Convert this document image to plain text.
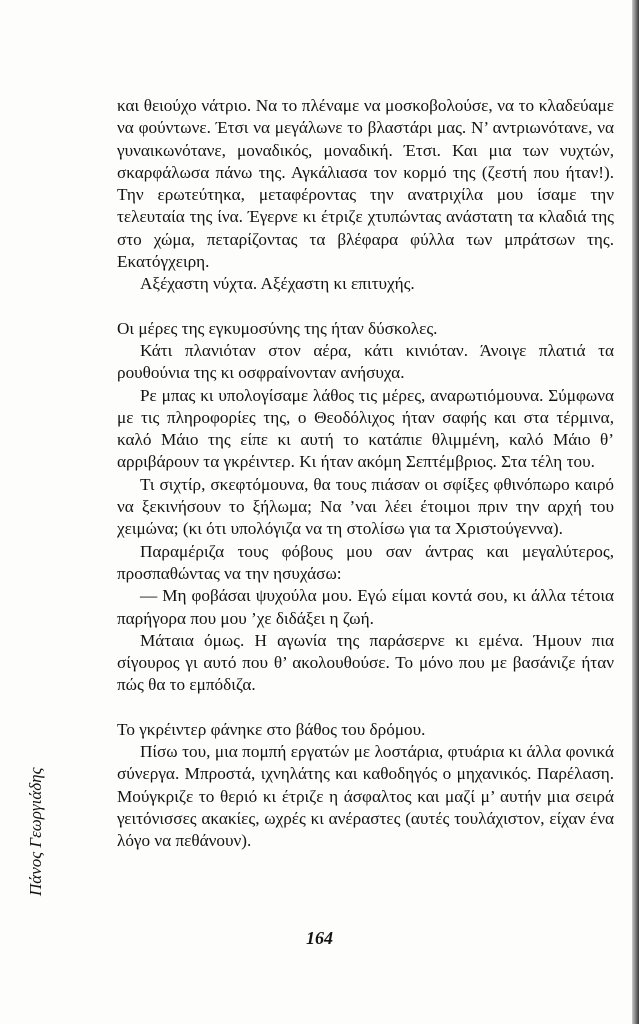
και θειούχο νάτριο. Να το πλέναμε να μοσκοβολούσε, να το κλαδεύαμε να φούντωνε. Έτσι να μεγάλωνε το βλαστάρι μας. Ν’ αντριωνότανε, να γυναικωνότανε, μοναδικός, μοναδική. Έτσι. Και μια των νυχτών, σκαρφάλωσα πάνω της. Αγκάλιασα τον κορμό της (ζεστή που ήταν!). Την ερωτεύτηκα, μεταφέροντας την ανατριχίλα μου ίσαμε την τελευταία της ίνα. Έγερνε κι έτριζε χτυπώντας ανάστατη τα κλαδιά της στο χώμα, πεταρίζοντας τα βλέφαρα φύλλα των μπράτσων της. Εκατόγχειρη.

Αξέχαστη νύχτα. Αξέχαστη κι επιτυχής.

Οι μέρες της εγκυμοσύνης της ήταν δύσκολες.

Κάτι πλανιόταν στον αέρα, κάτι κινιόταν. Άνοιγε πλατιά τα ρουθούνια της κι οσφραίνονταν ανήσυχα.

Ρε μπας κι υπολογίσαμε λάθος τις μέρες, αναρωτιόμουνα. Σύμφωνα με τις πληροφορίες της, ο Θεοδόλιχος ήταν σαφής και στα τέρμινα, καλό Μάιο της είπε κι αυτή το κατάπιε θλιμμένη, καλό Μάιο θ’ αρριβάρουν τα γκρέιντερ. Κι ήταν ακόμη Σεπτέμβριος. Στα τέλη του.

Τι σιχτίρ, σκεφτόμουνα, θα τους πιάσαν οι σφίξες φθινόπωρο καιρό να ξεκινήσουν το ξήλωμα; Να ’ναι λέει έτοιμοι πριν την αρχή του χειμώνα; (κι ότι υπολόγιζα να τη στολίσω για τα Χριστούγεννα).

Παραμέριζα τους φόβους μου σαν άντρας και μεγαλύτερος, προσπαθώντας να την ησυχάσω:

— Μη φοβάσαι ψυχούλα μου. Εγώ είμαι κοντά σου, κι άλλα τέτοια παρήγορα που μου ’χε διδάξει η ζωή.

Μάταια όμως. Η αγωνία της παράσερνε κι εμένα. Ήμουν πια σίγουρος γι αυτό που θ’ ακολουθούσε. Το μόνο που με βασάνιζε ήταν πώς θα το εμπόδιζα.

Το γκρέιντερ φάνηκε στο βάθος του δρόμου.

Πίσω του, μια πομπή εργατών με λοστάρια, φτυάρια κι άλλα φονικά σύνεργα. Μπροστά, ιχνηλάτης και καθοδηγός ο μηχανικός. Παρέλαση. Μούγκριζε το θεριό κι έτριζε η άσφαλτος και μαζί μ’ αυτήν μια σειρά γειτόνισσες ακακίες, ωχρές κι ανέραστες (αυτές τουλάχιστον, είχαν ένα λόγο να πεθάνουν).

Πάνος Γεωργιάδης
164
